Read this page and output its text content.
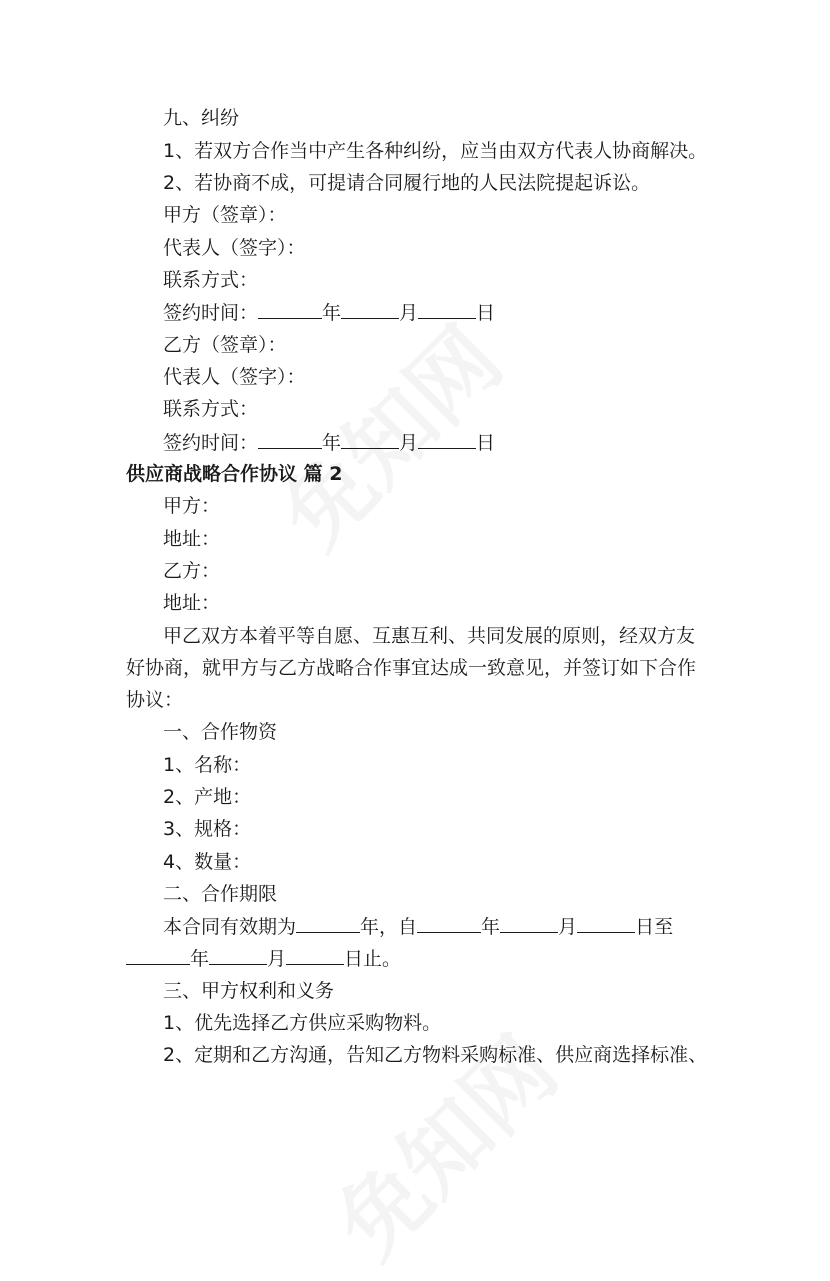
九、纠纷
1、若双方合作当中产生各种纠纷，应当由双方代表人协商解决。
2、若协商不成，可提请合同履行地的人民法院提起诉讼。
甲方（签章）：
代表人（签字）：
联系方式：
签约时间：	年	月	日
乙方（签章）：
代表人（签字）：
联系方式：
签约时间：	年	月	日
供应商战略合作协议 篇 2
甲方：
地址：
乙方：
地址：
甲乙双方本着平等自愿、互惠互利、共同发展的原则，经双方友
好协商，就甲方与乙方战略合作事宜达成一致意见，并签订如下合作
协议：
一、合作物资
1、名称：
2、产地：
3、规格：
4、数量：
二、合作期限
本合同有效期为	年，自	年	月	日至
年	月	日止。
三、甲方权利和义务
1、优先选择乙方供应采购物料。
2、定期和乙方沟通，告知乙方物料采购标准、供应商选择标准、
